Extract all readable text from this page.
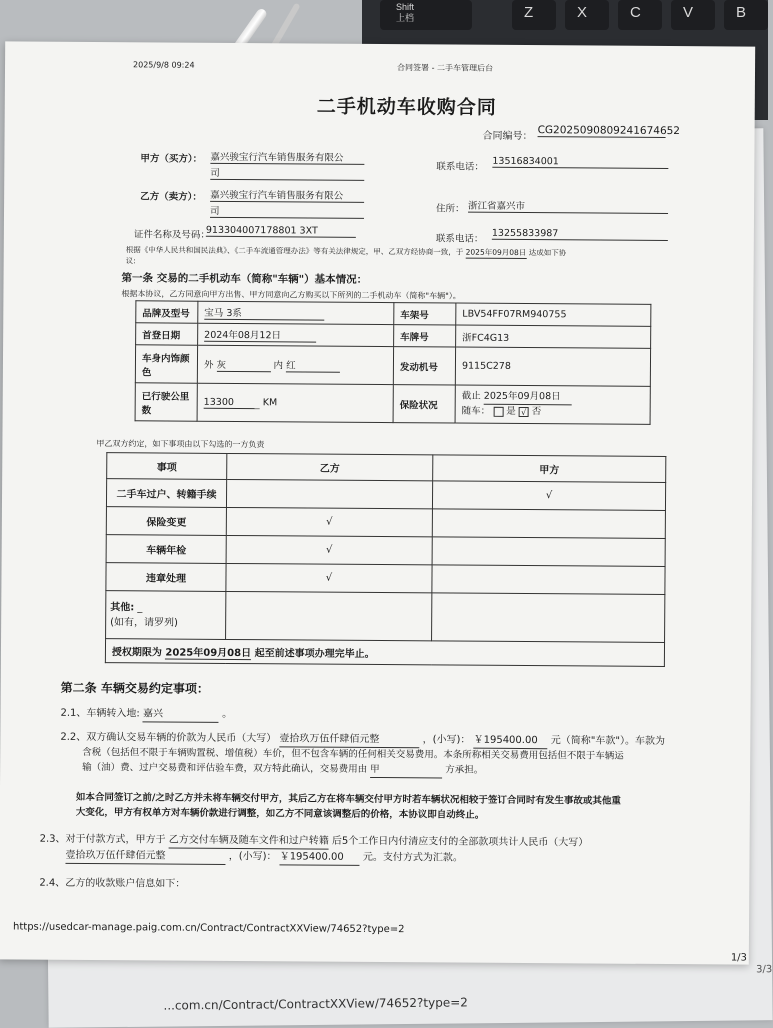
Shift
上档	Z	X	C	V	B
3/3
...com.cn/Contract/ContractXXView/74652?type=2
2025/9/8 09:24	合同签署 - 二手车管理后台
二手机动车收购合同
合同编号： CG2025090809241674652
甲方（买方）： 嘉兴骏宝行汽车销售服务有限公
司
联系电话： 13516834001
乙方（卖方）： 嘉兴骏宝行汽车销售服务有限公
司	住所： 浙江省嘉兴市
证件名称及号码：
913304007178801 3XT
联系电话： 13255833987
根据《中华人民共和国民法典》、《二手车流通管理办法》等有关法律规定，甲、乙双方经协商一致，于 2025年09月08日 达成如下协
议:
第一条 交易的二手机动车（简称"车辆"）基本情况：
根据本协议，乙方同意向甲方出售、甲方同意向乙方购买以下所列的二手机动车（简称"车辆"）。
品牌及型号	宝马 3系	车架号	LBV54FF07RM940755
首登日期	2024年08月12日	车牌号	浙FC4G13
车身内饰颜
色	外 灰 内 红	发动机号	9115C278
已行驶公里
数	13300 KM	保险状况	截止 2025年09月08日
随车： 是 √ 否
甲乙双方约定，如下事项由以下勾选的一方负责
事项	乙方	甲方
二手车过户、转籍手续		√
保险变更	√	
车辆年检	√	
违章处理	√	
其他: _
(如有，请罗列)		
授权期限为 2025年09月08日 起至前述事项办理完毕止。		
第二条 车辆交易约定事项：
2.1、车辆转入地: 嘉兴	。
2.2、双方确认交易车辆的价款为人民币（大写） 壹拾玖万伍仟肆佰元整	，(小写)： ￥195400.00 元（简称"车款"）。车款为
含税（包括但不限于车辆购置税、增值税）车价，但不包含车辆的任何相关交易费用。本条所称相关交易费用包括但不限于车辆运
输（油）费、过户交易费和评估验车费，双方特此确认，交易费用由 甲	方承担。
如本合同签订之前/之时乙方并未将车辆交付甲方，其后乙方在将车辆交付甲方时若车辆状况相较于签订合同时有发生事故或其他重
大变化，甲方有权单方对车辆价款进行调整，如乙方不同意该调整后的价格，本协议即自动终止。
2.3、对于付款方式，甲方于 乙方交付车辆及随车文件和过户转籍 后5个工作日内付清应支付的全部款项共计人民币（大写）
壹拾玖万伍仟肆佰元整	，(小写)： ￥195400.00 元。支付方式为汇款。
2.4、乙方的收款账户信息如下：
https://usedcar-manage.paig.com.cn/Contract/ContractXXView/74652?type=2
1/3
